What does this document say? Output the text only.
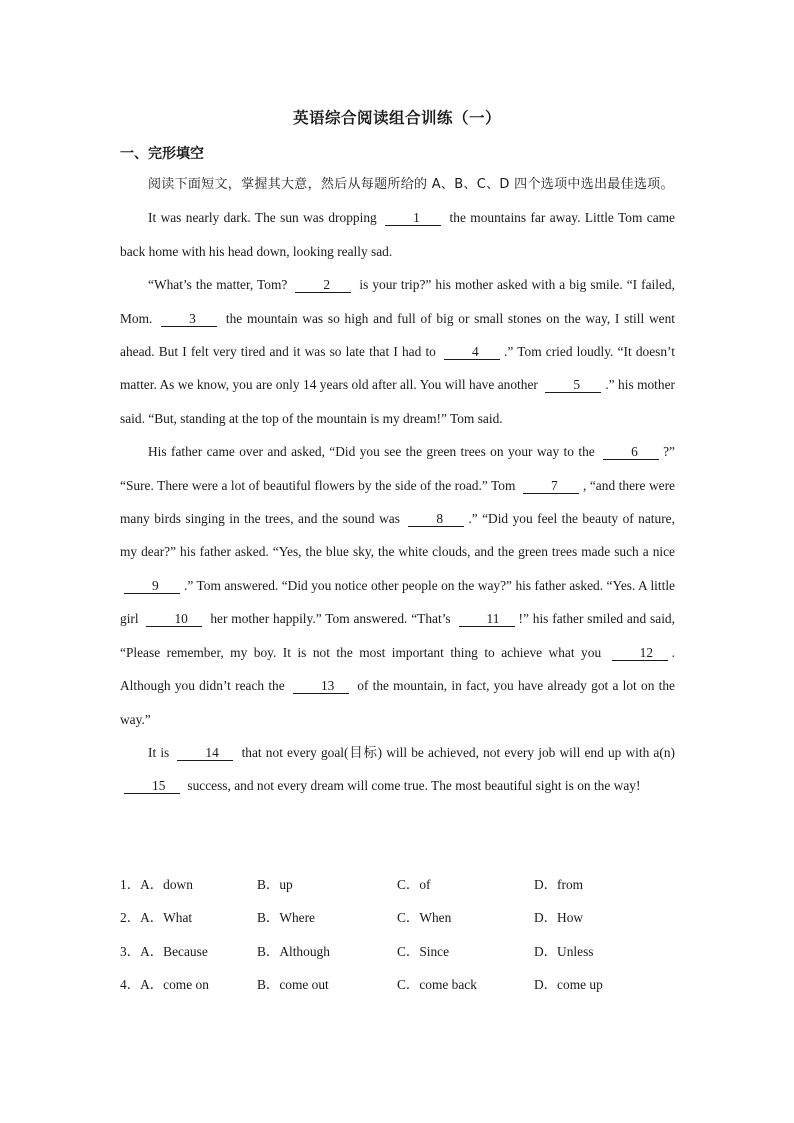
英语综合阅读组合训练（一）
一、完形填空

阅读下面短文，掌握其大意，然后从每题所给的 A、B、C、D 四个选项中选出最佳选项。

It was nearly dark. The sun was dropping	1 the mountains far away. Little Tom came back home with his head down, looking really sad.

“What’s the matter, Tom?	2 is your trip?” his mother asked with a big smile. “I failed, Mom.	3 the mountain was so high and full of big or small stones on the way, I still went ahead. But I felt very tired and it was so late that I had to	4 .” Tom cried loudly. “It doesn’t matter. As we know, you are only 14 years old after all. You will have another	5 .” his mother said. “But, standing at the top of the mountain is my dream!” Tom said.

His father came over and asked, “Did you see the green trees on your way to the	6 ?” “Sure. There were a lot of beautiful flowers by the side of the road.” Tom	7 , “and there were many birds singing in the trees, and the sound was	8 .” “Did you feel the beauty of nature, my dear?” his father asked. “Yes, the blue sky, the white clouds, and the green trees made such a nice 9 .” Tom answered. “Did you notice other people on the way?” his father asked. “Yes. A little girl	10 her mother happily.” Tom answered. “That’s	11 !” his father smiled and said, “Please remember, my boy. It is not the most important thing to achieve what you	12 . Although you didn’t reach the	13 of the mountain, in fact, you have already got a lot on the way.”

It is	14 that not every goal(目标) will be achieved, not every job will end up with a(n) 15 success, and not every dream will come true. The most beautiful sight is on the way!

1．A．down	B．up	C．of	D．from
2．A．What	B．Where	C．When	D．How
3．A．Because	B．Although	C．Since	D．Unless
4．A．come on	B．come out	C．come back	D．come up
